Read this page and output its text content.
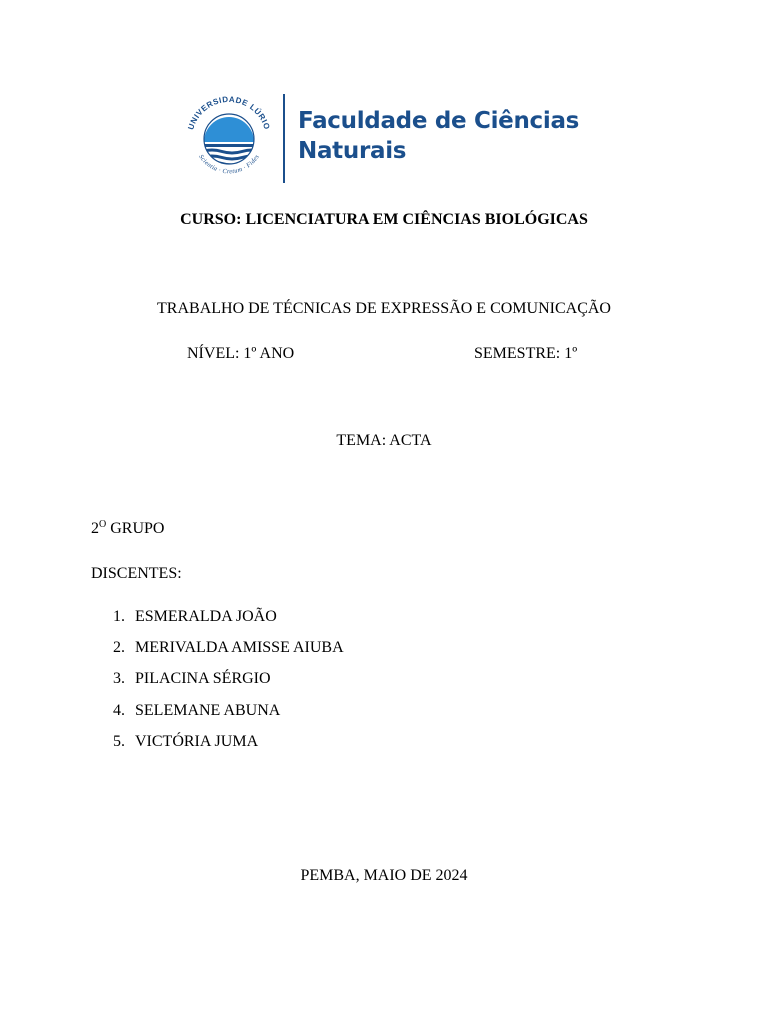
UNIVERSIDADE LÚRIO
Scientia · Cretum · Fides
Faculdade de Ciências
Naturais
CURSO: LICENCIATURA EM CIÊNCIAS BIOLÓGICAS
TRABALHO DE TÉCNICAS DE EXPRESSÃO E COMUNICAÇÃO
NÍVEL: 1º ANO	SEMESTRE: 1º
TEMA: ACTA
$2^O$ GRUPO
DISCENTES:
1. ESMERALDA JOÃO
2. MERIVALDA AMISSE AIUBA
3. PILACINA SÉRGIO
4. SELEMANE ABUNA
5. VICTÓRIA JUMA
PEMBA, MAIO DE 2024
